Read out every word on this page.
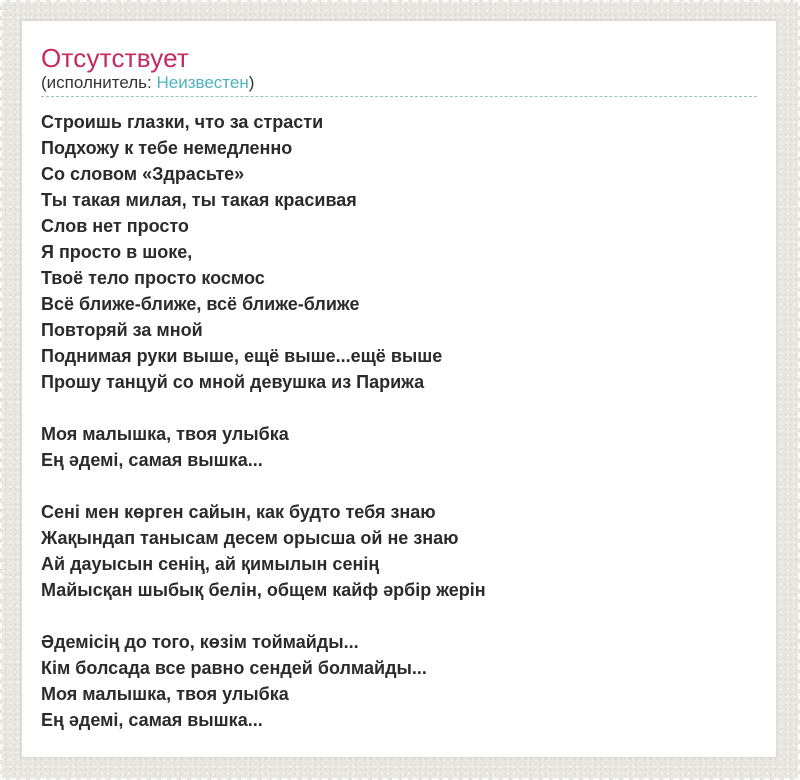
Отсутствует
(исполнитель: Неизвестен)
Строишь глазки, что за страсти
Подхожу к тебе немедленно
Со словом «Здрасьте»
Ты такая милая, ты такая красивая
Слов нет просто
Я просто в шоке,
Твоё тело просто космос
Всё ближе-ближе, всё ближе-ближе
Повторяй за мной
Поднимая руки выше, ещё выше...ещё выше
Прошу танцуй со мной девушка из Парижа

Моя малышка, твоя улыбка
Ең әдемі, самая вышка...

Сені мен көрген сайын, как будто тебя знаю
Жақындап танысам десем орысша ой не знаю
Ай дауысын сенің, ай қимылын сенің
Майысқан шыбық белін, общем кайф әрбір жерін

Әдемісің до того, көзім тоймайды...
Кім болсада все равно сендей болмайды...
Моя малышка, твоя улыбка
Ең әдемі, самая вышка...
